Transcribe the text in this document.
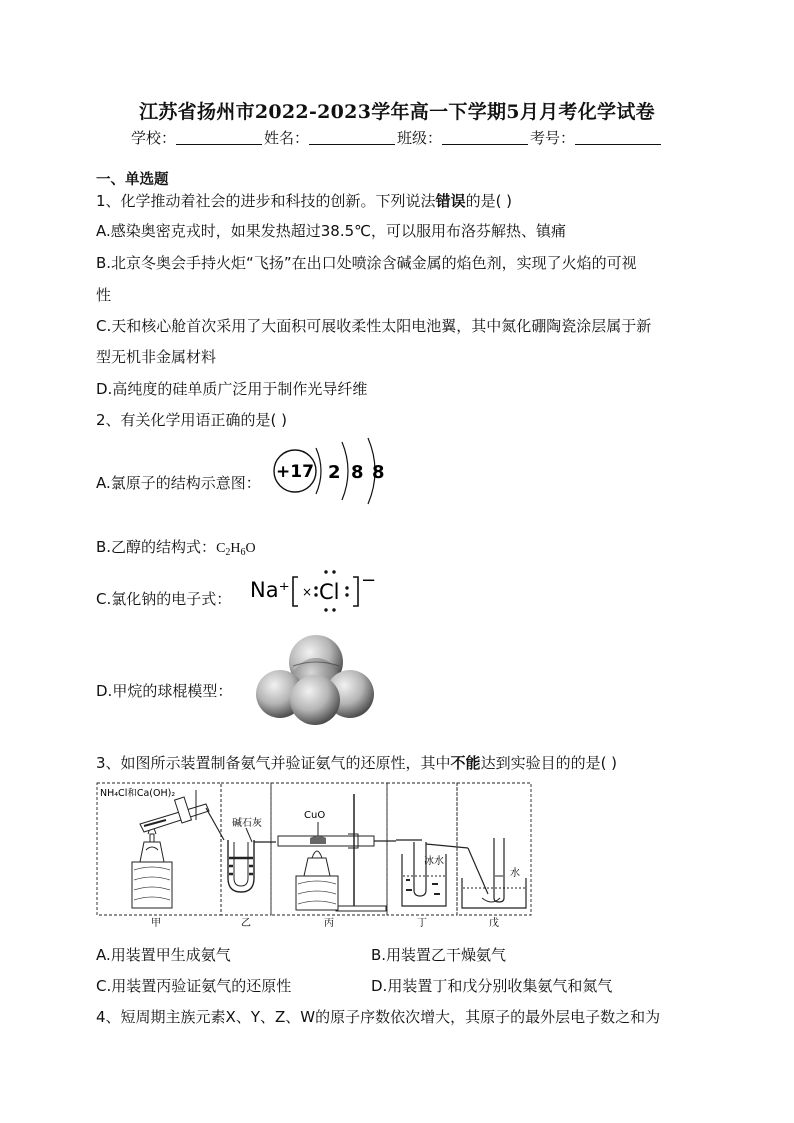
江苏省扬州市2022-2023学年高一下学期5月月考化学试卷
学校：	姓名：	班级：	考号：
一、单选题
1、化学推动着社会的进步和科技的创新。下列说法错误的是( )
A.感染奥密克戎时，如果发热超过38.5℃，可以服用布洛芬解热、镇痛
B.北京冬奥会手持火炬“飞扬”在出口处喷涂含碱金属的焰色剂，实现了火焰的可视
性
C.天和核心舱首次采用了大面积可展收柔性太阳电池翼，其中氮化硼陶瓷涂层属于新
型无机非金属材料
D.高纯度的硅单质广泛用于制作光导纤维
2、有关化学用语正确的是( )
A.氯原子的结构示意图：
+17 2 8 8
B.乙醇的结构式：$C_2H_6O$
C.氯化钠的电子式： Na⁺ × Cl −
D.甲烷的球棍模型：
3、如图所示装置制备氨气并验证氨气的还原性，其中不能达到实验目的的是( )
NH₄Cl和Ca(OH)₂
碱石灰
CuO
冰水
水
甲	乙	丙	丁	戊
A.用装置甲生成氨气	B.用装置乙干燥氨气
C.用装置丙验证氨气的还原性	D.用装置丁和戊分别收集氨气和氮气
4、短周期主族元素X、Y、Z、W的原子序数依次增大，其原子的最外层电子数之和为
